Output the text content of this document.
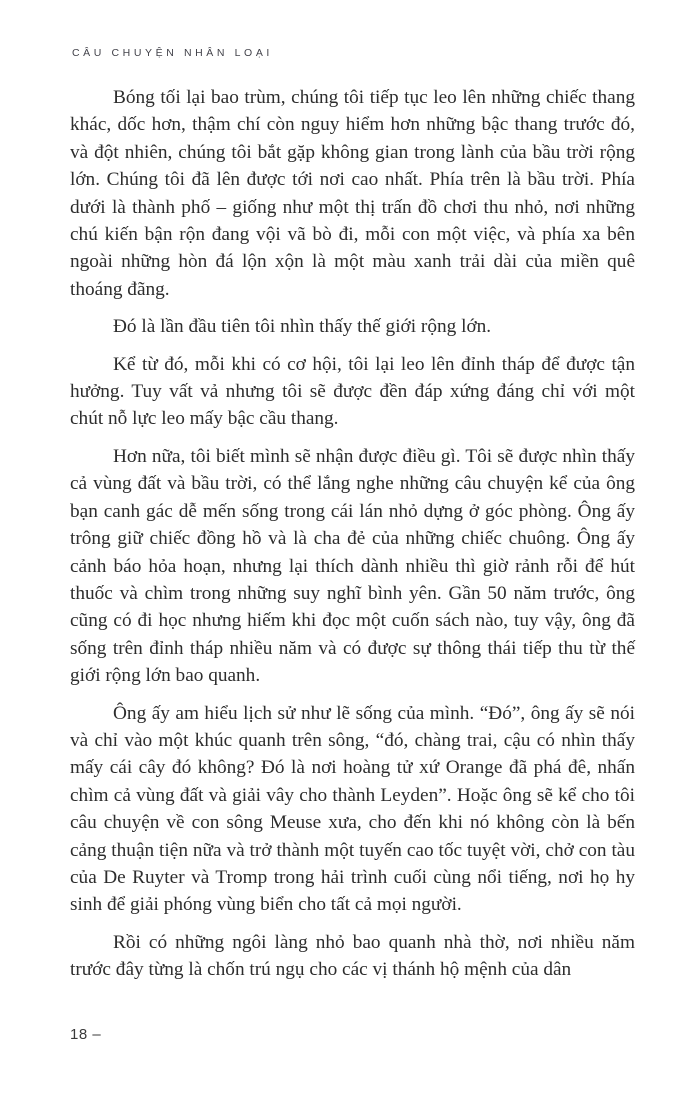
CÂU CHUYỆN NHÂN LOẠI

Bóng tối lại bao trùm, chúng tôi tiếp tục leo lên những chiếc thang khác, dốc hơn, thậm chí còn nguy hiểm hơn những bậc thang trước đó, và đột nhiên, chúng tôi bắt gặp không gian trong lành của bầu trời rộng lớn. Chúng tôi đã lên được tới nơi cao nhất. Phía trên là bầu trời. Phía dưới là thành phố – giống như một thị trấn đồ chơi thu nhỏ, nơi những chú kiến bận rộn đang vội vã bò đi, mỗi con một việc, và phía xa bên ngoài những hòn đá lộn xộn là một màu xanh trải dài của miền quê thoáng đãng.

Đó là lần đầu tiên tôi nhìn thấy thế giới rộng lớn.

Kể từ đó, mỗi khi có cơ hội, tôi lại leo lên đỉnh tháp để được tận hưởng. Tuy vất vả nhưng tôi sẽ được đền đáp xứng đáng chỉ với một chút nỗ lực leo mấy bậc cầu thang.

Hơn nữa, tôi biết mình sẽ nhận được điều gì. Tôi sẽ được nhìn thấy cả vùng đất và bầu trời, có thể lắng nghe những câu chuyện kể của ông bạn canh gác dễ mến sống trong cái lán nhỏ dựng ở góc phòng. Ông ấy trông giữ chiếc đồng hồ và là cha đẻ của những chiếc chuông. Ông ấy cảnh báo hỏa hoạn, nhưng lại thích dành nhiều thì giờ rảnh rỗi để hút thuốc và chìm trong những suy nghĩ bình yên. Gần 50 năm trước, ông cũng có đi học nhưng hiếm khi đọc một cuốn sách nào, tuy vậy, ông đã sống trên đỉnh tháp nhiều năm và có được sự thông thái tiếp thu từ thế giới rộng lớn bao quanh.

Ông ấy am hiểu lịch sử như lẽ sống của mình. “Đó”, ông ấy sẽ nói và chỉ vào một khúc quanh trên sông, “đó, chàng trai, cậu có nhìn thấy mấy cái cây đó không? Đó là nơi hoàng tử xứ Orange đã phá đê, nhấn chìm cả vùng đất và giải vây cho thành Leyden”. Hoặc ông sẽ kể cho tôi câu chuyện về con sông Meuse xưa, cho đến khi nó không còn là bến cảng thuận tiện nữa và trở thành một tuyến cao tốc tuyệt vời, chở con tàu của De Ruyter và Tromp trong hải trình cuối cùng nổi tiếng, nơi họ hy sinh để giải phóng vùng biển cho tất cả mọi người.

Rồi có những ngôi làng nhỏ bao quanh nhà thờ, nơi nhiều năm trước đây từng là chốn trú ngụ cho các vị thánh hộ mệnh của dân

18 –
